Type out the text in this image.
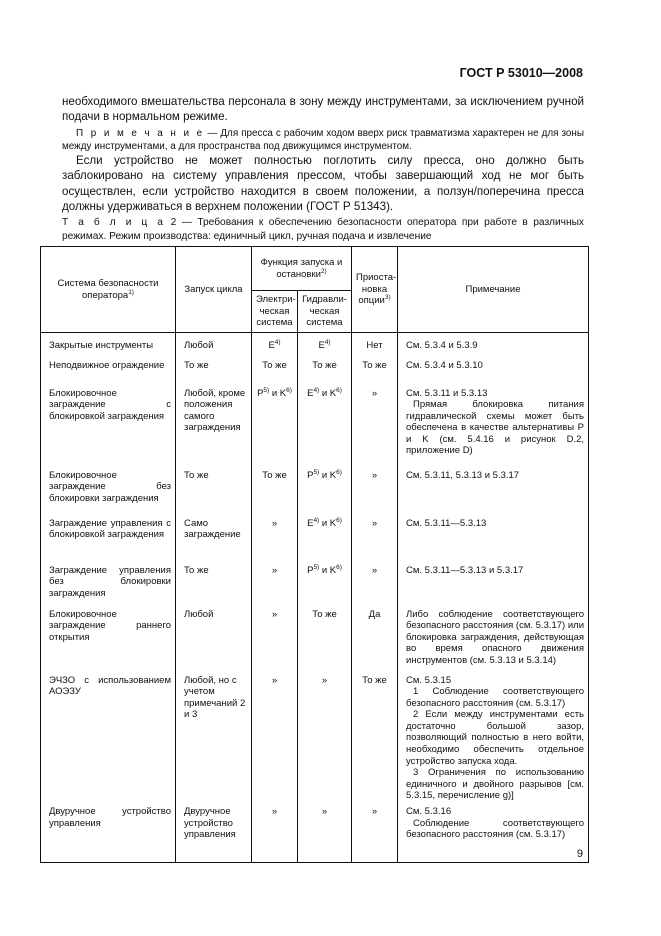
ГОСТ Р 53010—2008

необходимого вмешательства персонала в зону между инструментами, за исключением ручной подачи в нормальном режиме.

П р и м е ч а н и е — Для пресса с рабочим ходом вверх риск травматизма характерен не для зоны между инструментами, а для пространства под движущимся инструментом.

Если устройство не может полностью поглотить силу пресса, оно должно быть заблокировано на систему управления прессом, чтобы завершающий ход не мог быть осуществлен, если устройство находится в своем положении, а ползун/поперечина пресса должны удерживаться в верхнем положении (ГОСТ Р 51343).

Т а б л и ц а 2 — Требования к обеспечению безопасности оператора при работе в различных режимах. Режим производства: единичный цикл, ручная подача и извлечение

Система безопасности оператора$^{1)}$	Запуск цикла	Функция запуска и остановки$^{2)}$		Приоста-новка опции$^{3)}$	Примечание
		Электри-ческая система	Гидравли-ческая система		
Закрытые инструменты	Любой	$E^{4)}$	$E^{4)}$	Нет	См. 5.3.4 и 5.3.9

Неподвижное ограждение	То же	То же	То же	То же	См. 5.3.4 и 5.3.10

Блокировочное заграждение с блокировкой заграждения	Любой, кроме положения самого заграждения	$P^{5)}$ и $K^{6)}$	$E^{4)}$ и $K^{6)}$	»	См. 5.3.11 и 5.3.13
Прямая блокировка питания гидравлической схемы может быть обеспечена в качестве альтернативы P и K (см. 5.4.16 и рисунок D.2, приложение D)

Блокировочное заграждение без блокировки заграждения	То же	То же	$P^{5)}$ и $K^{6)}$	»	См. 5.3.11, 5.3.13 и 5.3.17

Заграждение управления с блокировкой заграждения	Само заграждение	»	$E^{4)}$ и $K^{6)}$	»	См. 5.3.11—5.3.13

Заграждение управления без блокировки заграждения	То же	»	$P^{5)}$ и $K^{6)}$	»	См. 5.3.11—5.3.13 и 5.3.17

Блокировочное заграждение раннего открытия	Любой	»	То же	Да	Либо соблюдение соответствующего безопасного расстояния (см. 5.3.17) или блокировка заграждения, действующая во время опасного движения инструментов (см. 5.3.13 и 5.3.14)

ЭЧЗО с использованием АОЭЗУ	Любой, но с учетом примечаний 2 и 3	»	»	То же	См. 5.3.15
1 Соблюдение соответствующего безопасного расстояния (см. 5.3.17)
2 Если между инструментами есть достаточно большой зазор, позволяющий полностью в него войти, необходимо обеспечить отдельное устройство запуска хода.
3 Ограничения по использованию единичного и двойного разрывов [см. 5.3.15, перечисление g)]

Двуручное устройство управления	Двуручное устройство управления	»	»	»	См. 5.3.16
Соблюдение соответствующего безопасного расстояния (см. 5.3.17)
9
